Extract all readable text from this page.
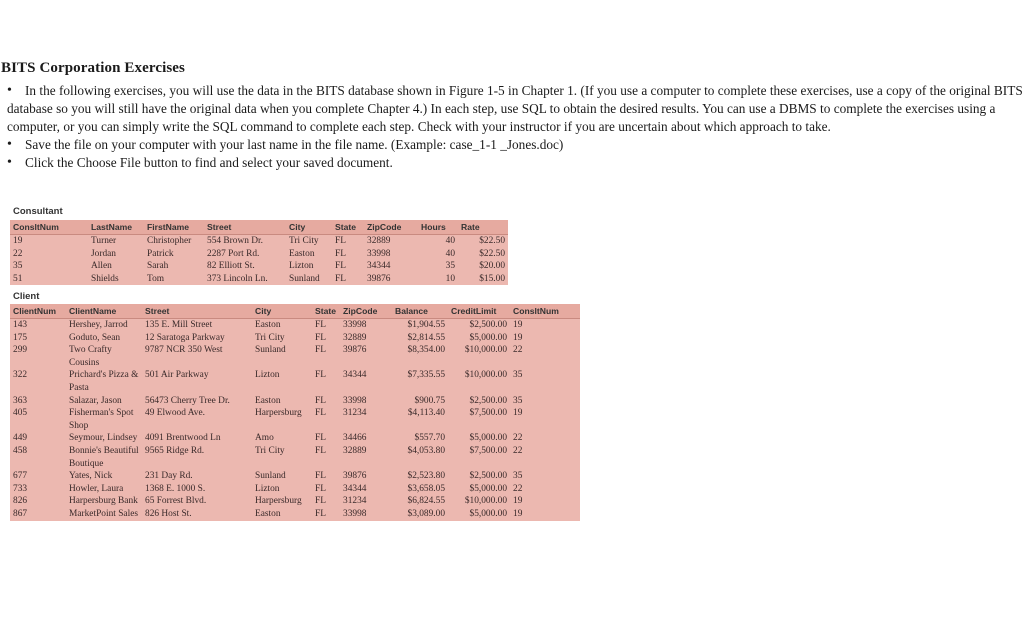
BITS Corporation Exercises
• In the following exercises, you will use the data in the BITS database shown in Figure 1-5 in Chapter 1. (If you use a computer to complete these exercises, use a copy of the original BITS database so you will still have the original data when you complete Chapter 4.) In each step, use SQL to obtain the desired results. You can use a DBMS to complete the exercises using a computer, or you can simply write the SQL command to complete each step. Check with your instructor if you are uncertain about which approach to take.
• Save the file on your computer with your last name in the file name. (Example: case_1-1 _Jones.doc)
• Click the Choose File button to find and select your saved document.
Consultant
ConsltNum	LastName	FirstName	Street	City	State	ZipCode	Hours	Rate
19	Turner	Christopher	554 Brown Dr.	Tri City	FL	32889	40	$22.50
22	Jordan	Patrick	2287 Port Rd.	Easton	FL	33998	40	$22.50
35	Allen	Sarah	82 Elliott St.	Lizton	FL	34344	35	$20.00
51	Shields	Tom	373 Lincoln Ln.	Sunland	FL	39876	10	$15.00
Client
ClientNum	ClientName	Street	City	State	ZipCode	Balance	CreditLimit	ConsltNum
143	Hershey, Jarrod	135 E. Mill Street	Easton	FL	33998	$1,904.55	$2,500.00	19
175	Goduto, Sean	12 Saratoga Parkway	Tri City	FL	32889	$2,814.55	$5,000.00	19
299	Two Crafty Cousins	9787 NCR 350 West	Sunland	FL	39876	$8,354.00	$10,000.00	22
322	Prichard's Pizza & Pasta	501 Air Parkway	Lizton	FL	34344	$7,335.55	$10,000.00	35
363	Salazar, Jason	56473 Cherry Tree Dr.	Easton	FL	33998	$900.75	$2,500.00	35
405	Fisherman's Spot Shop	49 Elwood Ave.	Harpersburg	FL	31234	$4,113.40	$7,500.00	19
449	Seymour, Lindsey	4091 Brentwood Ln	Amo	FL	34466	$557.70	$5,000.00	22
458	Bonnie's Beautiful Boutique	9565 Ridge Rd.	Tri City	FL	32889	$4,053.80	$7,500.00	22
677	Yates, Nick	231 Day Rd.	Sunland	FL	39876	$2,523.80	$2,500.00	35
733	Howler, Laura	1368 E. 1000 S.	Lizton	FL	34344	$3,658.05	$5,000.00	22
826	Harpersburg Bank	65 Forrest Blvd.	Harpersburg	FL	31234	$6,824.55	$10,000.00	19
867	MarketPoint Sales	826 Host St.	Easton	FL	33998	$3,089.00	$5,000.00	19
